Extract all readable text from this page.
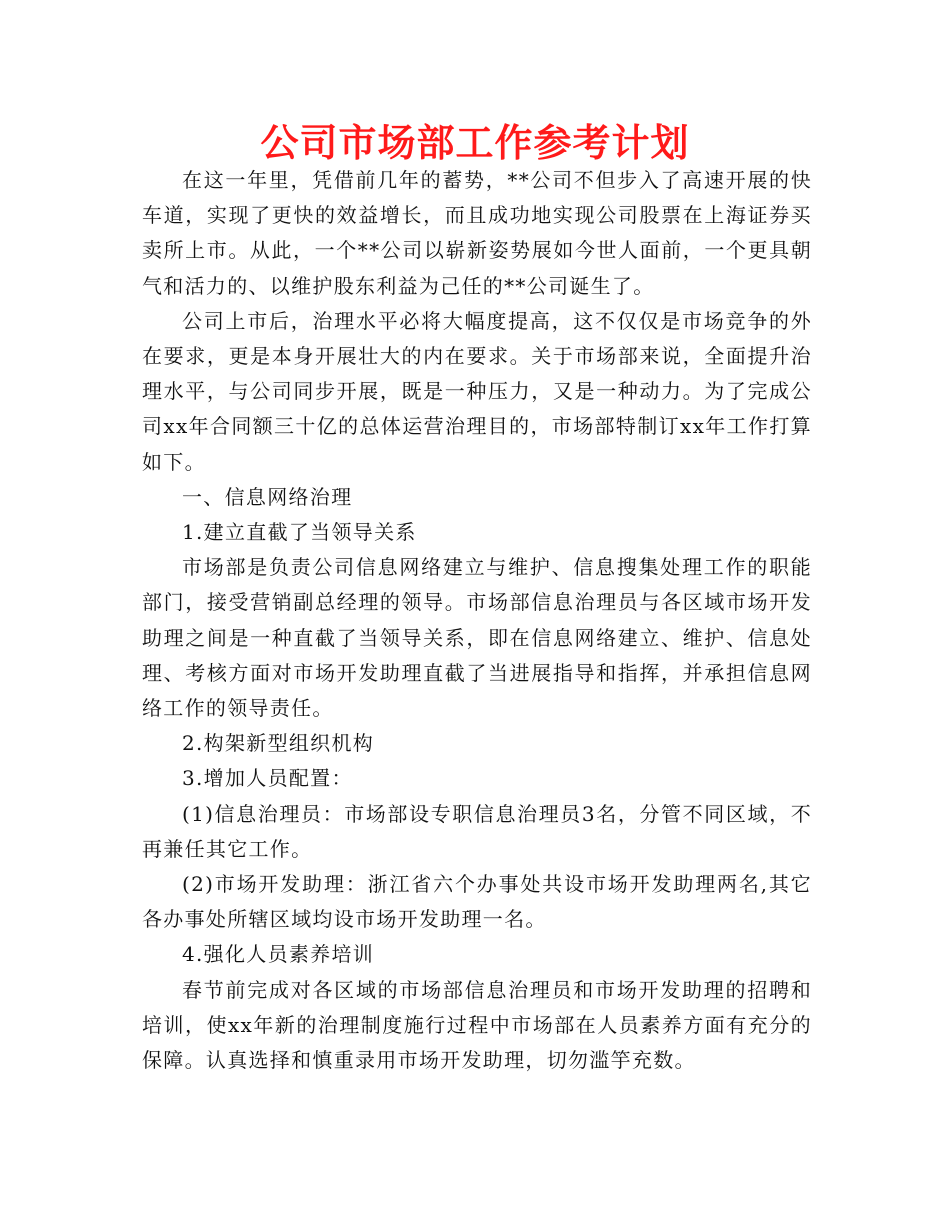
公司市场部工作参考计划

在这一年里，凭借前几年的蓄势，**公司不但步入了高速开展的快车道，实现了更快的效益增长，而且成功地实现公司股票在上海证券买卖所上市。从此，一个**公司以崭新姿势展如今世人面前，一个更具朝气和活力的、以维护股东利益为己任的**公司诞生了。

公司上市后，治理水平必将大幅度提高，这不仅仅是市场竞争的外在要求，更是本身开展壮大的内在要求。关于市场部来说，全面提升治理水平，与公司同步开展，既是一种压力，又是一种动力。为了完成公司xx年合同额三十亿的总体运营治理目的，市场部特制订xx年工作打算如下。

一、信息网络治理

1.建立直截了当领导关系

市场部是负责公司信息网络建立与维护、信息搜集处理工作的职能部门，接受营销副总经理的领导。市场部信息治理员与各区域市场开发助理之间是一种直截了当领导关系，即在信息网络建立、维护、信息处理、考核方面对市场开发助理直截了当进展指导和指挥，并承担信息网络工作的领导责任。

2.构架新型组织机构

3.增加人员配置：

(1)信息治理员：市场部设专职信息治理员3名，分管不同区域，不再兼任其它工作。

(2)市场开发助理：浙江省六个办事处共设市场开发助理两名,其它各办事处所辖区域均设市场开发助理一名。

4.强化人员素养培训

春节前完成对各区域的市场部信息治理员和市场开发助理的招聘和培训，使xx年新的治理制度施行过程中市场部在人员素养方面有充分的保障。认真选择和慎重录用市场开发助理，切勿滥竽充数。
